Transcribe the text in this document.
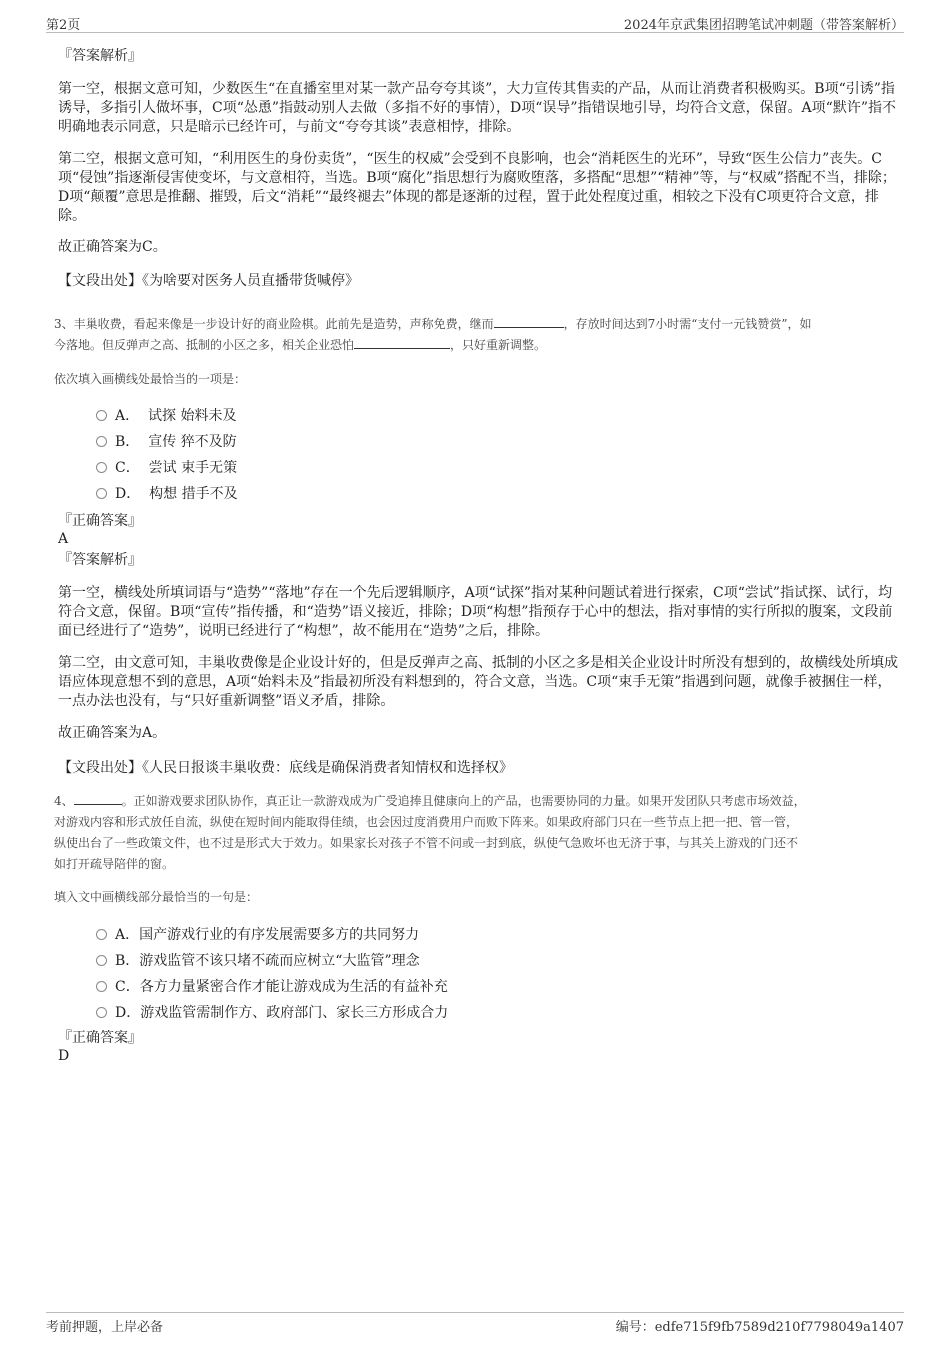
第2页	2024年京武集团招聘笔试冲刺题（带答案解析）
『答案解析』
第一空，根据文意可知，少数医生“在直播室里对某一款产品夸夸其谈”，大力宣传其售卖的产品，从而让消费者积极购买。B项“引诱”指诱导，多指引人做坏事，C项“怂恿”指鼓动别人去做（多指不好的事情），D项“误导”指错误地引导，均符合文意，保留。A项“默许”指不明确地表示同意，只是暗示已经许可，与前文“夸夸其谈”表意相悖，排除。
第二空，根据文意可知，“利用医生的身份卖货”，“医生的权威”会受到不良影响，也会“消耗医生的光环”，导致“医生公信力”丧失。C项“侵蚀”指逐渐侵害使变坏，与文意相符，当选。B项“腐化”指思想行为腐败堕落，多搭配“思想”“精神”等，与“权威”搭配不当，排除；D项“颠覆”意思是推翻、摧毁，后文“消耗”“最终褪去”体现的都是逐渐的过程，置于此处程度过重，相较之下没有C项更符合文意，排除。
故正确答案为C。
【文段出处】《为啥要对医务人员直播带货喊停》
3、丰巢收费，看起来像是一步设计好的商业险棋。此前先是造势，声称免费，继而	，存放时间达到7小时需“支付一元钱赞赏”，如
今落地。但反弹声之高、抵制的小区之多，相关企业恐怕	，只好重新调整。
依次填入画横线处最恰当的一项是：
A． 试探 始料未及
B． 宣传 猝不及防
C． 尝试 束手无策
D． 构想 措手不及
『正确答案』
A
『答案解析』
第一空，横线处所填词语与“造势”“落地”存在一个先后逻辑顺序，A项“试探”指对某种问题试着进行探索，C项“尝试”指试探、试行，均符合文意，保留。B项“宣传”指传播，和“造势”语义接近，排除；D项“构想”指预存于心中的想法，指对事情的实行所拟的腹案，文段前面已经进行了“造势”，说明已经进行了“构想”，故不能用在“造势”之后，排除。
第二空，由文意可知，丰巢收费像是企业设计好的，但是反弹声之高、抵制的小区之多是相关企业设计时所没有想到的，故横线处所填成语应体现意想不到的意思，A项“始料未及”指最初所没有料想到的，符合文意，当选。C项“束手无策”指遇到问题，就像手被捆住一样，一点办法也没有，与“只好重新调整”语义矛盾，排除。
故正确答案为A。
【文段出处】《人民日报谈丰巢收费：底线是确保消费者知情权和选择权》
4、	。正如游戏要求团队协作，真正让一款游戏成为广受追捧且健康向上的产品，也需要协同的力量。如果开发团队只考虑市场效益，
对游戏内容和形式放任自流，纵使在短时间内能取得佳绩，也会因过度消费用户而败下阵来。如果政府部门只在一些节点上把一把、管一管，
纵使出台了一些政策文件，也不过是形式大于效力。如果家长对孩子不管不问或一封到底，纵使气急败坏也无济于事，与其关上游戏的门还不
如打开疏导陪伴的窗。
填入文中画横线部分最恰当的一句是：
A．国产游戏行业的有序发展需要多方的共同努力
B．游戏监管不该只堵不疏而应树立“大监管”理念
C．各方力量紧密合作才能让游戏成为生活的有益补充
D．游戏监管需制作方、政府部门、家长三方形成合力
『正确答案』
D
考前押题，上岸必备	编号：edfe715f9fb7589d210f7798049a1407
